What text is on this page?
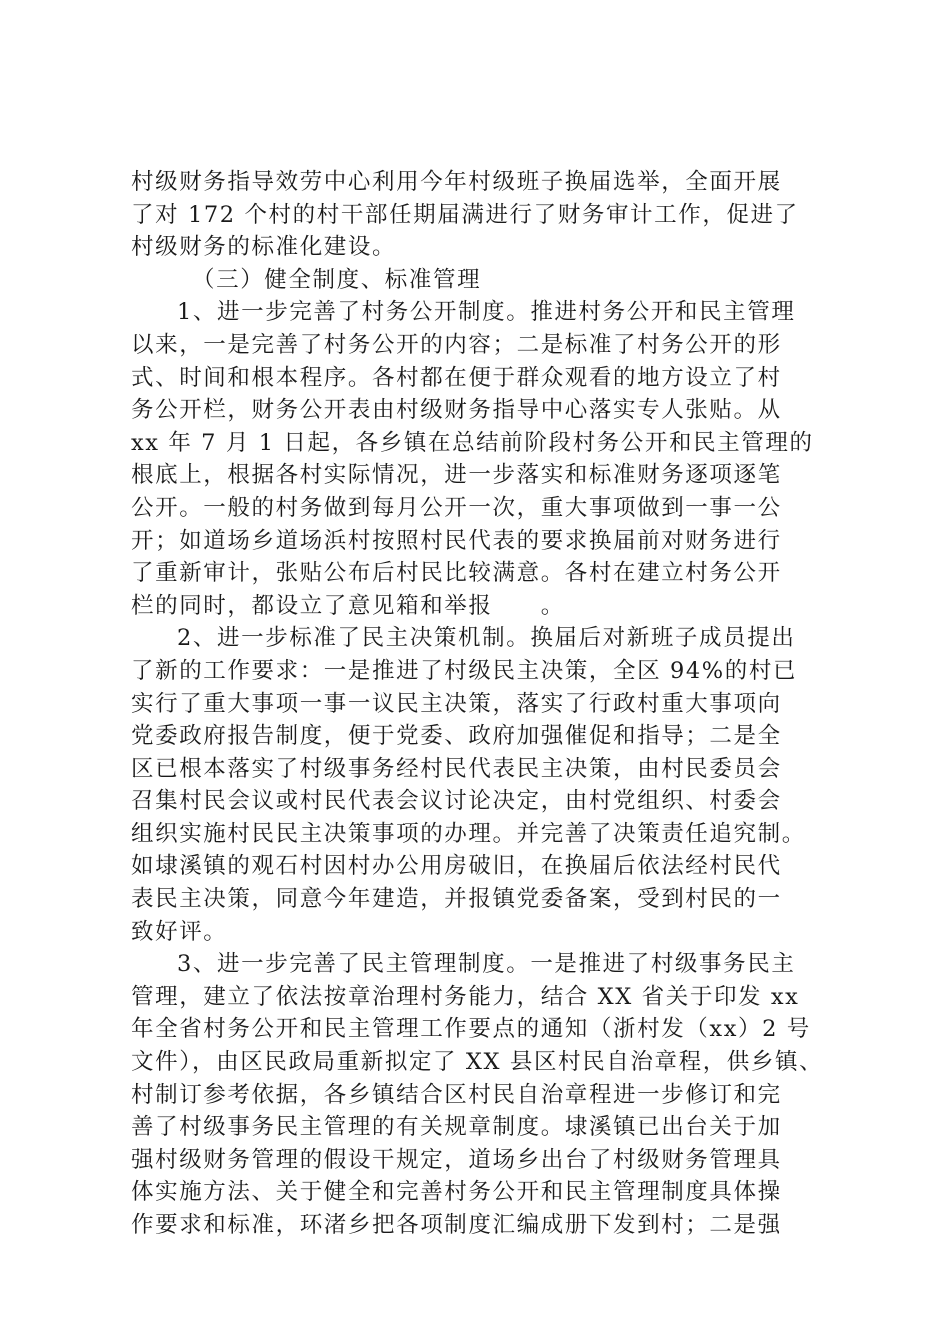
村级财务指导效劳中心利用今年村级班子换届选举，全面开展
了对 172 个村的村干部任期届满进行了财务审计工作，促进了
村级财务的标准化建设。
（三）健全制度、标准管理
1、进一步完善了村务公开制度。推进村务公开和民主管理
以来，一是完善了村务公开的内容；二是标准了村务公开的形
式、时间和根本程序。各村都在便于群众观看的地方设立了村
务公开栏，财务公开表由村级财务指导中心落实专人张贴。从
xx 年 7 月 1 日起，各乡镇在总结前阶段村务公开和民主管理的
根底上，根据各村实际情况，进一步落实和标准财务逐项逐笔
公开。一般的村务做到每月公开一次，重大事项做到一事一公
开；如道场乡道场浜村按照村民代表的要求换届前对财务进行
了重新审计，张贴公布后村民比较满意。各村在建立村务公开
栏的同时，都设立了意见箱和举报　　。
2、进一步标准了民主决策机制。换届后对新班子成员提出
了新的工作要求：一是推进了村级民主决策，全区 94%的村已
实行了重大事项一事一议民主决策，落实了行政村重大事项向
党委政府报告制度，便于党委、政府加强催促和指导；二是全
区已根本落实了村级事务经村民代表民主决策，由村民委员会
召集村民会议或村民代表会议讨论决定，由村党组织、村委会
组织实施村民民主决策事项的办理。并完善了决策责任追究制。
如埭溪镇的观石村因村办公用房破旧，在换届后依法经村民代
表民主决策，同意今年建造，并报镇党委备案，受到村民的一
致好评。
3、进一步完善了民主管理制度。一是推进了村级事务民主
管理，建立了依法按章治理村务能力，结合 XX 省关于印发 xx
年全省村务公开和民主管理工作要点的通知（浙村发（xx）2 号
文件），由区民政局重新拟定了 XX 县区村民自治章程，供乡镇、
村制订参考依据，各乡镇结合区村民自治章程进一步修订和完
善了村级事务民主管理的有关规章制度。埭溪镇已出台关于加
强村级财务管理的假设干规定，道场乡出台了村级财务管理具
体实施方法、关于健全和完善村务公开和民主管理制度具体操
作要求和标准，环渚乡把各项制度汇编成册下发到村；二是强
